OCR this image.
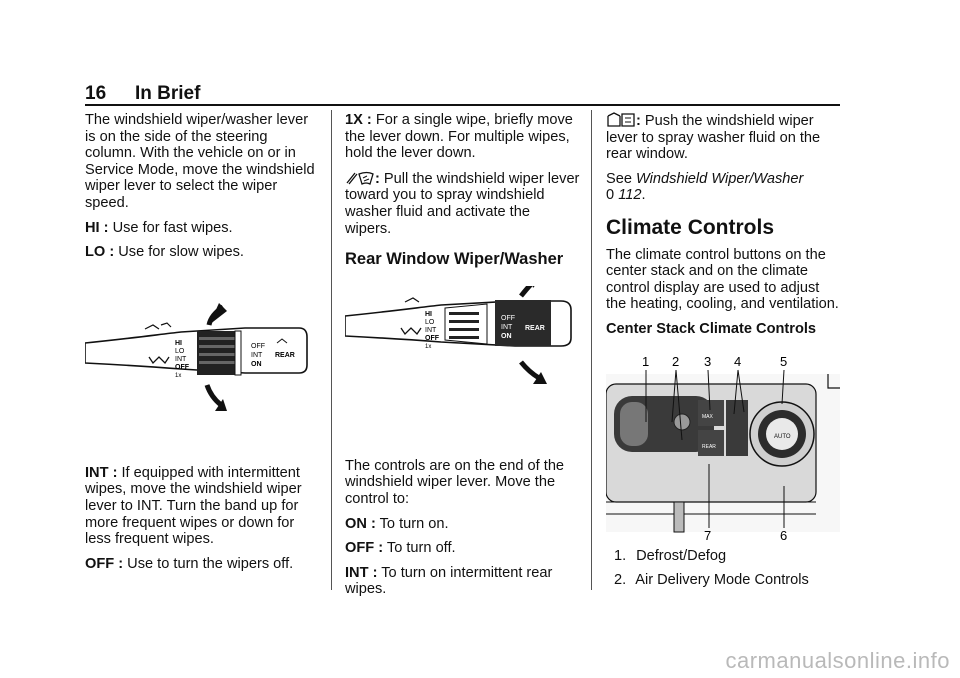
16 In Brief

The windshield wiper/washer lever is on the side of the steering column. With the vehicle on or in Service Mode, move the windshield wiper lever to select the wiper speed.

HI : Use for fast wipes.

LO : Use for slow wipes.

HI
LO
INT
OFF
1x
OFF
INT
ON
REAR

INT : If equipped with intermittent wipes, move the windshield wiper lever to INT. Turn the band up for more frequent wipes or down for less frequent wipes.

OFF : Use to turn the wipers off.

1X : For a single wipe, briefly move the lever down. For multiple wipes, hold the lever down.

: Pull the windshield wiper lever toward you to spray windshield washer fluid and activate the wipers.

Rear Window Wiper/Washer
HI
LO
INT
OFF
1x
OFF
INT
ON
REAR

The controls are on the end of the windshield wiper lever. Move the control to:

ON : To turn on.

OFF : To turn off.

INT : To turn on intermittent rear wipes.

: Push the windshield wiper lever to spray washer fluid on the rear window.

See Windshield Wiper/Washer
0 112.

Climate Controls

The climate control buttons on the center stack and on the climate control display are used to adjust the heating, cooling, and ventilation.

Center Stack Climate Controls
1 2 3 4	5
MAX
REAR
AUTO
7	6
1. Defrost/Defog
2. Air Delivery Mode Controls
carmanualsonline.info
